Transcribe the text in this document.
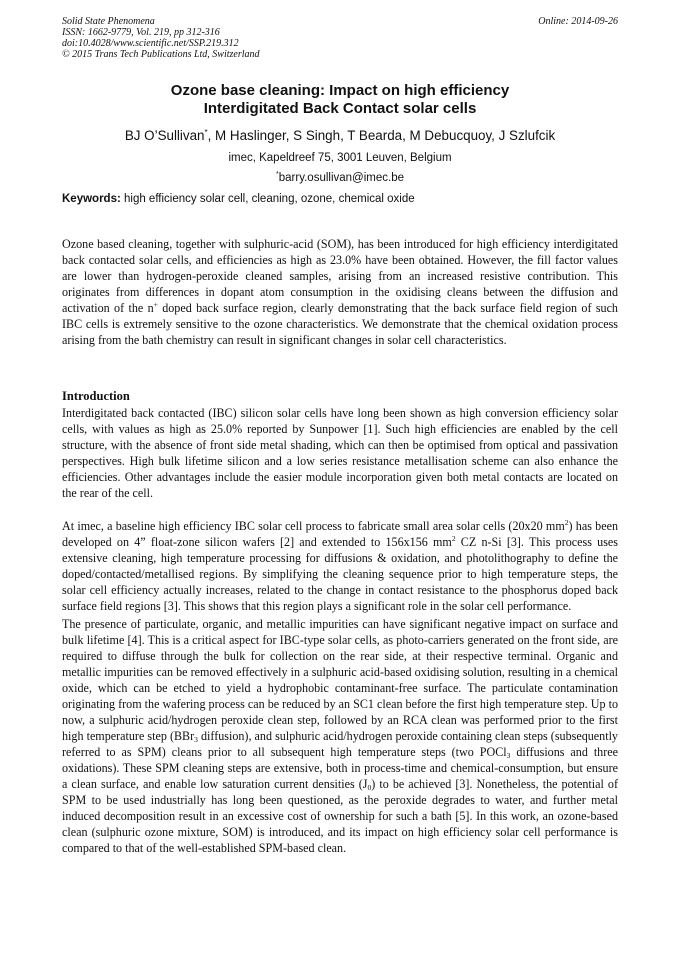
Solid State Phenomena
ISSN: 1662-9779, Vol. 219, pp 312-316
doi:10.4028/www.scientific.net/SSP.219.312
© 2015 Trans Tech Publications Ltd, Switzerland
Online: 2014-09-26
Ozone base cleaning: Impact on high efficiency
Interdigitated Back Contact solar cells
BJ O’Sullivan*, M Haslinger, S Singh, T Bearda, M Debucquoy, J Szlufcik
imec, Kapeldreef 75, 3001 Leuven, Belgium
*barry.osullivan@imec.be
Keywords: high efficiency solar cell, cleaning, ozone, chemical oxide
Ozone based cleaning, together with sulphuric-acid (SOM), has been introduced for high efficiency interdigitated back contacted solar cells, and efficiencies as high as 23.0% have been obtained. However, the fill factor values are lower than hydrogen-peroxide cleaned samples, arising from an increased resistive contribution. This originates from differences in dopant atom consumption in the oxidising cleans between the diffusion and activation of the n+ doped back surface region, clearly demonstrating that the back surface field region of such IBC cells is extremely sensitive to the ozone characteristics. We demonstrate that the chemical oxidation process arising from the bath chemistry can result in significant changes in solar cell characteristics.
Introduction
Interdigitated back contacted (IBC) silicon solar cells have long been shown as high conversion efficiency solar cells, with values as high as 25.0% reported by Sunpower [1]. Such high efficiencies are enabled by the cell structure, with the absence of front side metal shading, which can then be optimised from optical and passivation perspectives. High bulk lifetime silicon and a low series resistance metallisation scheme can also enhance the efficiencies. Other advantages include the easier module incorporation given both metal contacts are located on the rear of the cell.
At imec, a baseline high efficiency IBC solar cell process to fabricate small area solar cells (20x20 $mm^2$) has been developed on 4” float-zone silicon wafers [2] and extended to 156x156 $mm^2$ CZ n-Si [3]. This process uses extensive cleaning, high temperature processing for diffusions & oxidation, and photolithography to define the doped/contacted/metallised regions. By simplifying the cleaning sequence prior to high temperature steps, the solar cell efficiency actually increases, related to the change in contact resistance to the phosphorus doped back surface field regions [3]. This shows that this region plays a significant role in the solar cell performance.
The presence of particulate, organic, and metallic impurities can have significant negative impact on surface and bulk lifetime [4]. This is a critical aspect for IBC-type solar cells, as photo-carriers generated on the front side, are required to diffuse through the bulk for collection on the rear side, at their respective terminal. Organic and metallic impurities can be removed effectively in a sulphuric acid-based oxidising solution, resulting in a chemical oxide, which can be etched to yield a hydrophobic contaminant-free surface. The particulate contamination originating from the wafering process can be reduced by an SC1 clean before the first high temperature step. Up to now, a sulphuric acid/hydrogen peroxide clean step, followed by an RCA clean was performed prior to the first high temperature step (BBr$_3$ diffusion), and sulphuric acid/hydrogen peroxide containing clean steps (subsequently referred to as SPM) cleans prior to all subsequent high temperature steps (two POCl$_3$ diffusions and three oxidations). These SPM cleaning steps are extensive, both in process-time and chemical-consumption, but ensure a clean surface, and enable low saturation current densities $(J_0)$ to be achieved [3]. Nonetheless, the potential of SPM to be used industrially has long been questioned, as the peroxide degrades to water, and further metal induced decomposition result in an excessive cost of ownership for such a bath [5]. In this work, an ozone-based clean (sulphuric ozone mixture, SOM) is introduced, and its impact on high efficiency solar cell performance is compared to that of the well-established SPM-based clean.
